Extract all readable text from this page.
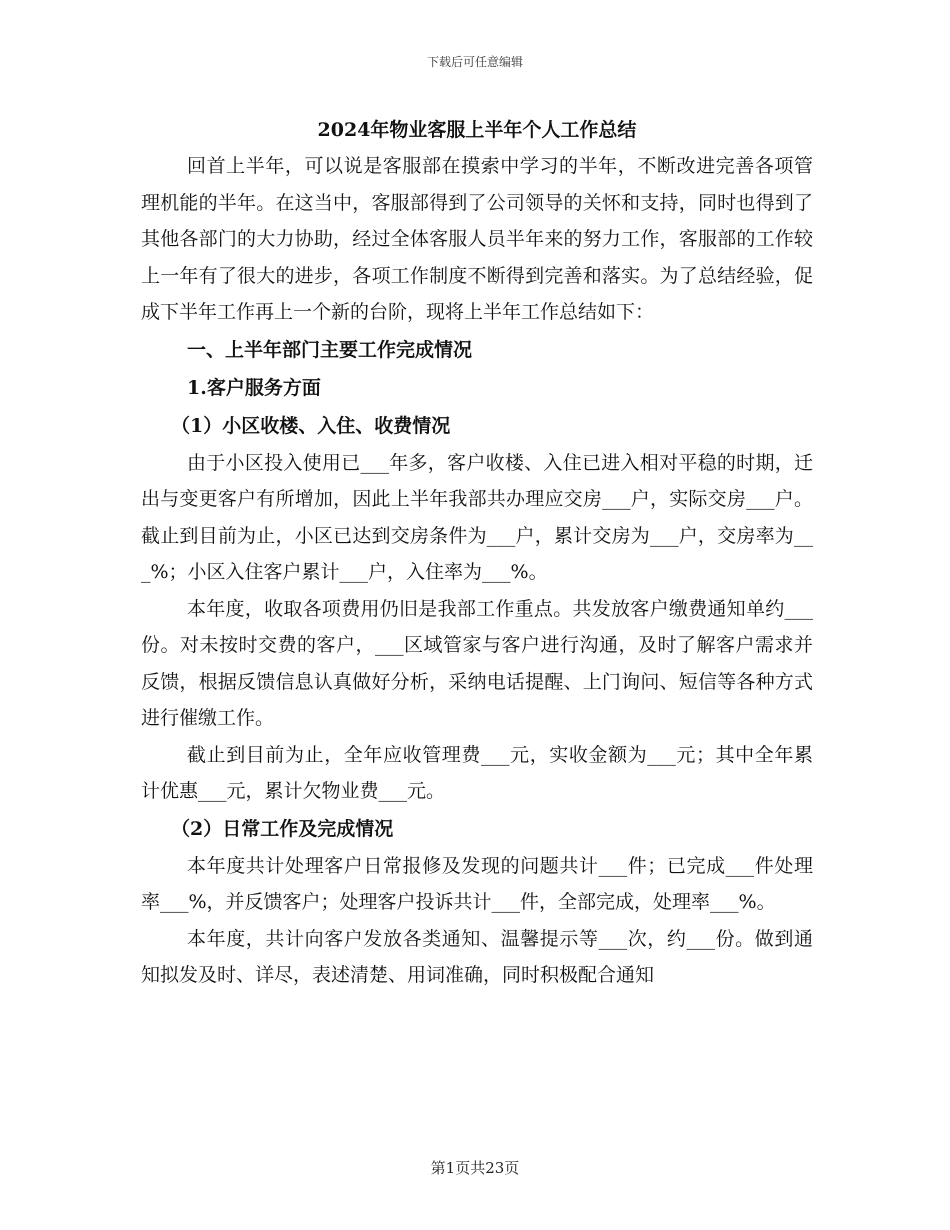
下载后可任意编辑
2024年物业客服上半年个人工作总结

回首上半年，可以说是客服部在摸索中学习的半年，不断改进完善各项管理机能的半年。在这当中，客服部得到了公司领导的关怀和支持，同时也得到了其他各部门的大力协助，经过全体客服人员半年来的努力工作，客服部的工作较上一年有了很大的进步，各项工作制度不断得到完善和落实。为了总结经验，促成下半年工作再上一个新的台阶，现将上半年工作总结如下：

一、上半年部门主要工作完成情况

1.客户服务方面

（1）小区收楼、入住、收费情况

由于小区投入使用已___年多，客户收楼、入住已进入相对平稳的时期，迁出与变更客户有所增加，因此上半年我部共办理应交房___户，实际交房___户。截止到目前为止，小区已达到交房条件为___户，累计交房为___户，交房率为___%；小区入住客户累计___户，入住率为___%。

本年度，收取各项费用仍旧是我部工作重点。共发放客户缴费通知单约___份。对未按时交费的客户，___区域管家与客户进行沟通，及时了解客户需求并反馈，根据反馈信息认真做好分析，采纳电话提醒、上门询问、短信等各种方式进行催缴工作。

截止到目前为止，全年应收管理费___元，实收金额为___元；其中全年累计优惠___元，累计欠物业费___元。

（2）日常工作及完成情况

本年度共计处理客户日常报修及发现的问题共计___件；已完成___件处理率___%，并反馈客户；处理客户投诉共计___件，全部完成，处理率___%。

本年度，共计向客户发放各类通知、温馨提示等___次，约___份。做到通知拟发及时、详尽，表述清楚、用词准确，同时积极配合通知

第1页共23页
